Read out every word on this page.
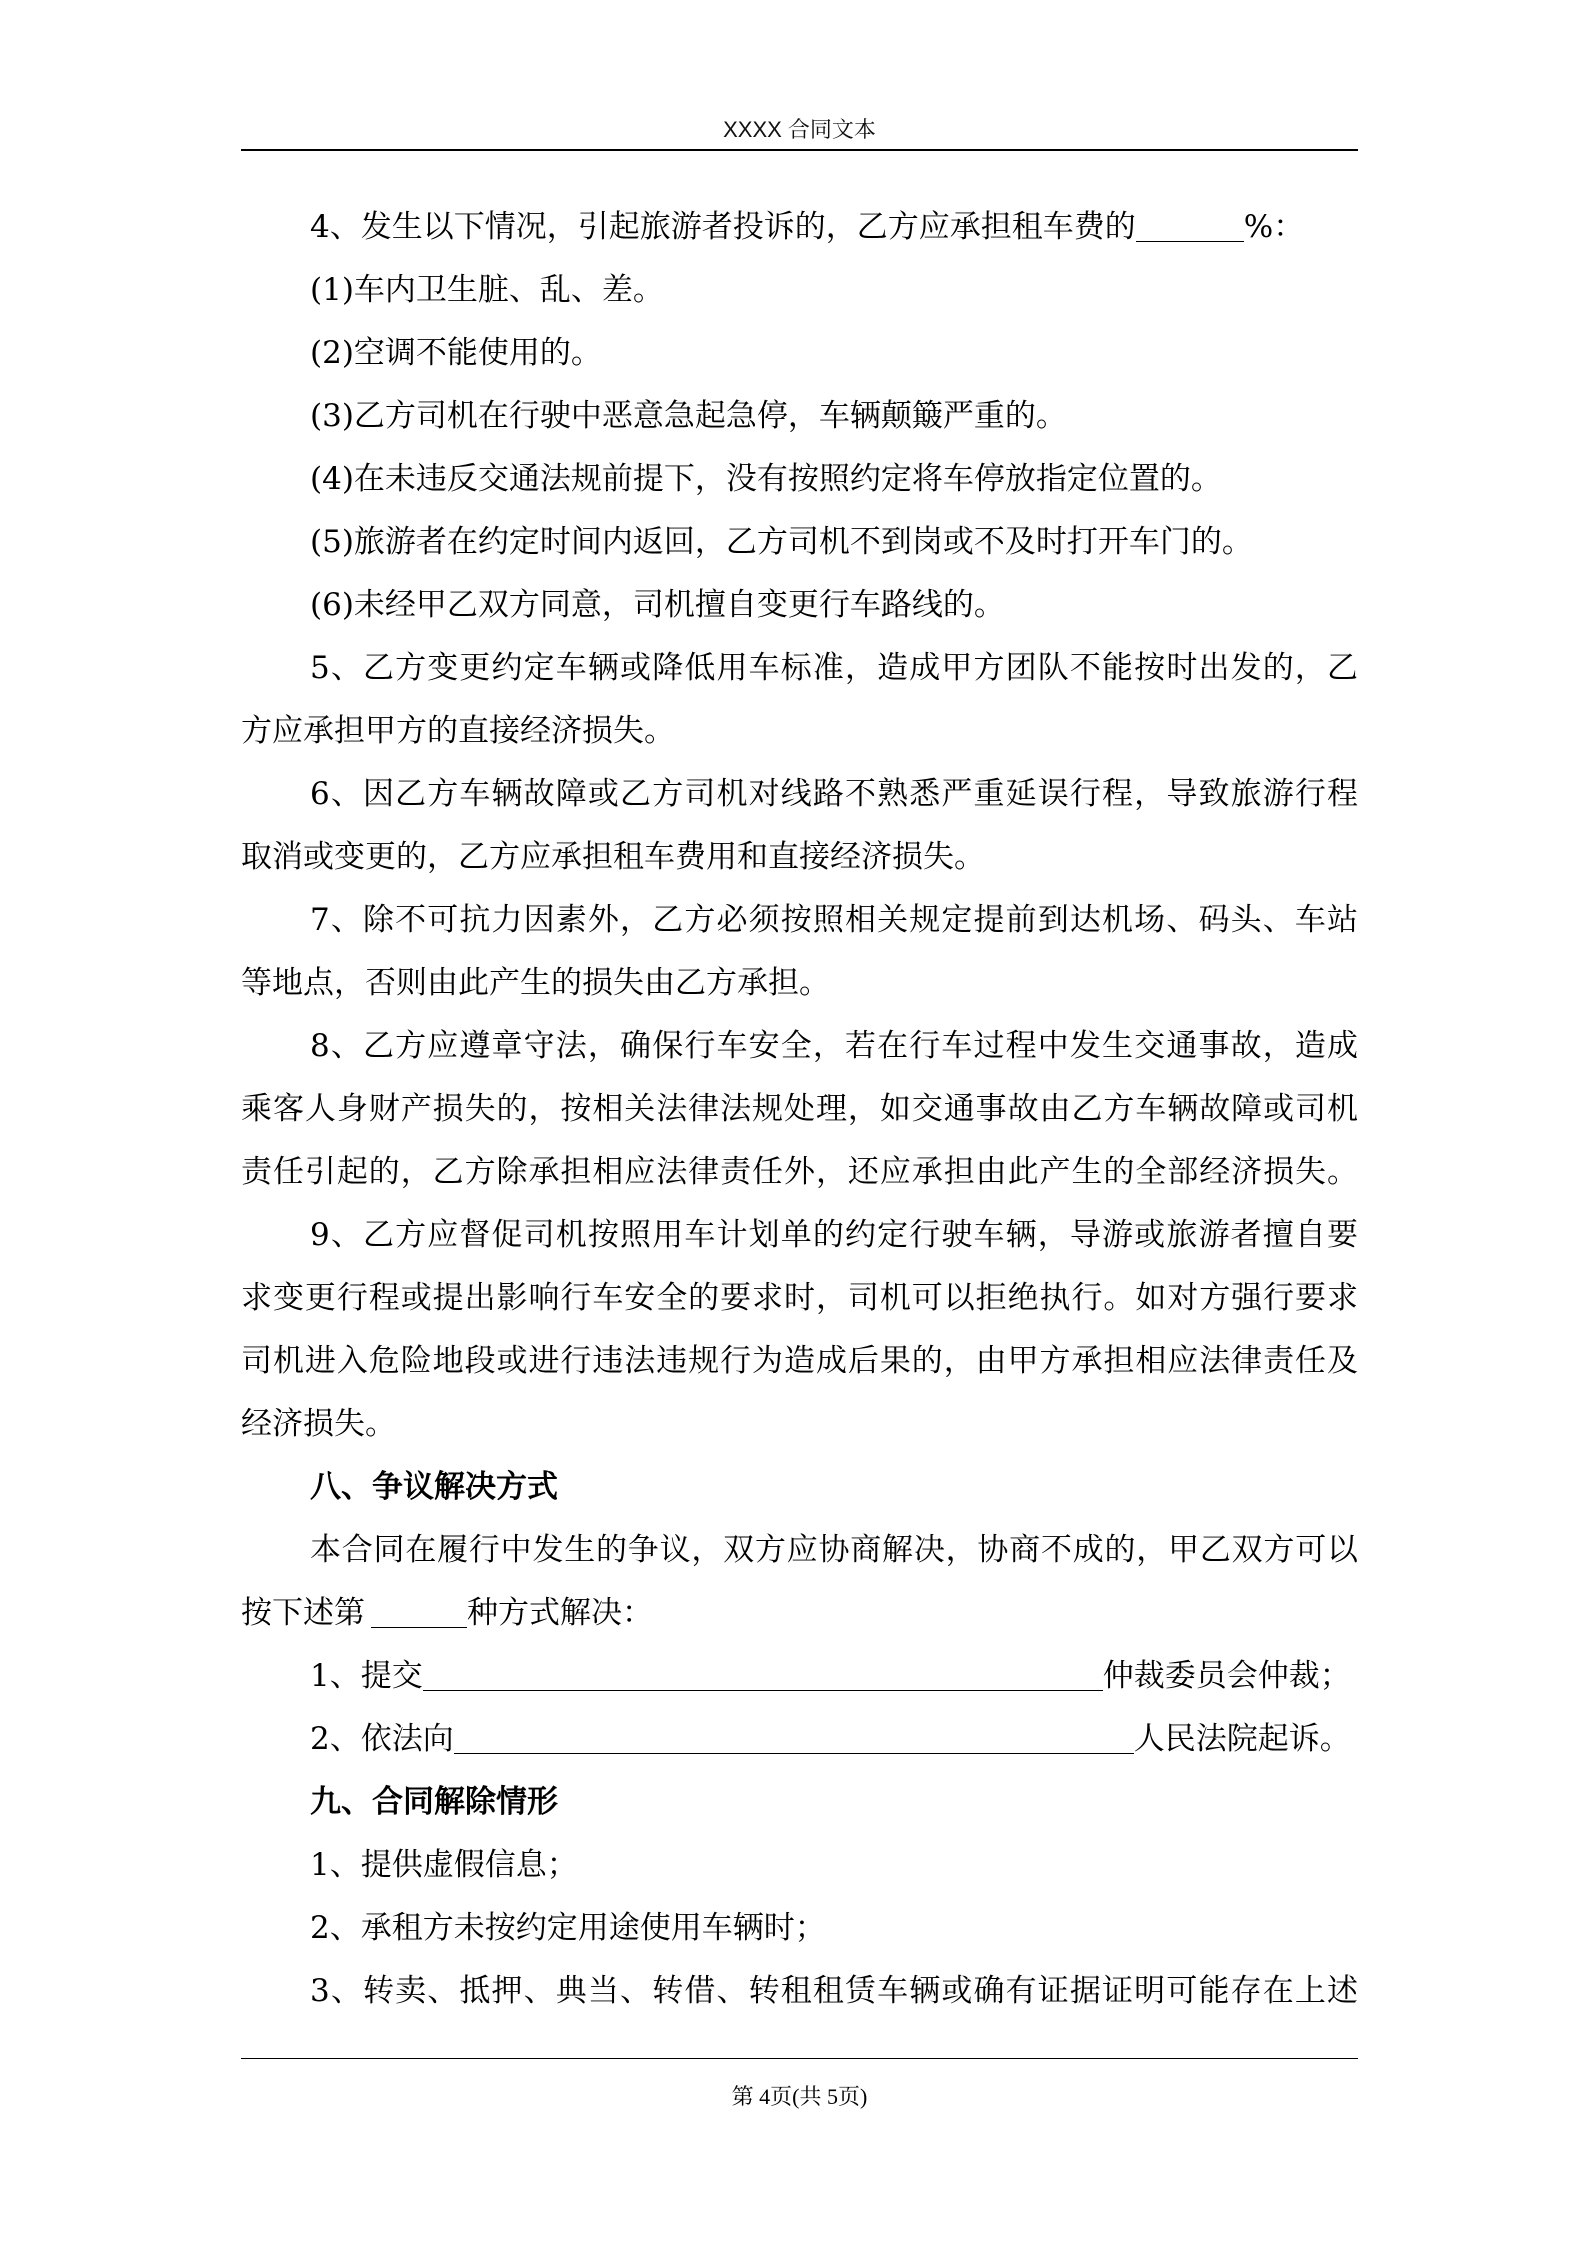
XXXX 合同文本
4、发生以下情况，引起旅游者投诉的，乙方应承担租车费的	%：
(1)车内卫生脏、乱、差。
(2)空调不能使用的。
(3)乙方司机在行驶中恶意急起急停，车辆颠簸严重的。
(4)在未违反交通法规前提下，没有按照约定将车停放指定位置的。
(5)旅游者在约定时间内返回，乙方司机不到岗或不及时打开车门的。
(6)未经甲乙双方同意，司机擅自变更行车路线的。
5、乙方变更约定车辆或降低用车标准，造成甲方团队不能按时出发的，乙
方应承担甲方的直接经济损失。
6、因乙方车辆故障或乙方司机对线路不熟悉严重延误行程，导致旅游行程
取消或变更的，乙方应承担租车费用和直接经济损失。
7、除不可抗力因素外，乙方必须按照相关规定提前到达机场、码头、车站
等地点，否则由此产生的损失由乙方承担。
8、乙方应遵章守法，确保行车安全，若在行车过程中发生交通事故，造成
乘客人身财产损失的，按相关法律法规处理，如交通事故由乙方车辆故障或司机
责任引起的，乙方除承担相应法律责任外，还应承担由此产生的全部经济损失。
9、乙方应督促司机按照用车计划单的约定行驶车辆，导游或旅游者擅自要
求变更行程或提出影响行车安全的要求时，司机可以拒绝执行。如对方强行要求
司机进入危险地段或进行违法违规行为造成后果的，由甲方承担相应法律责任及
经济损失。
八、争议解决方式
本合同在履行中发生的争议，双方应协商解决，协商不成的，甲乙双方可以
按下述第	种方式解决：
1、提交	仲裁委员会仲裁；
2、依法向	人民法院起诉。
九、合同解除情形
1、提供虚假信息；
2、承租方未按约定用途使用车辆时；
3、转卖、抵押、典当、转借、转租租赁车辆或确有证据证明可能存在上述
第 4页(共 5页)
